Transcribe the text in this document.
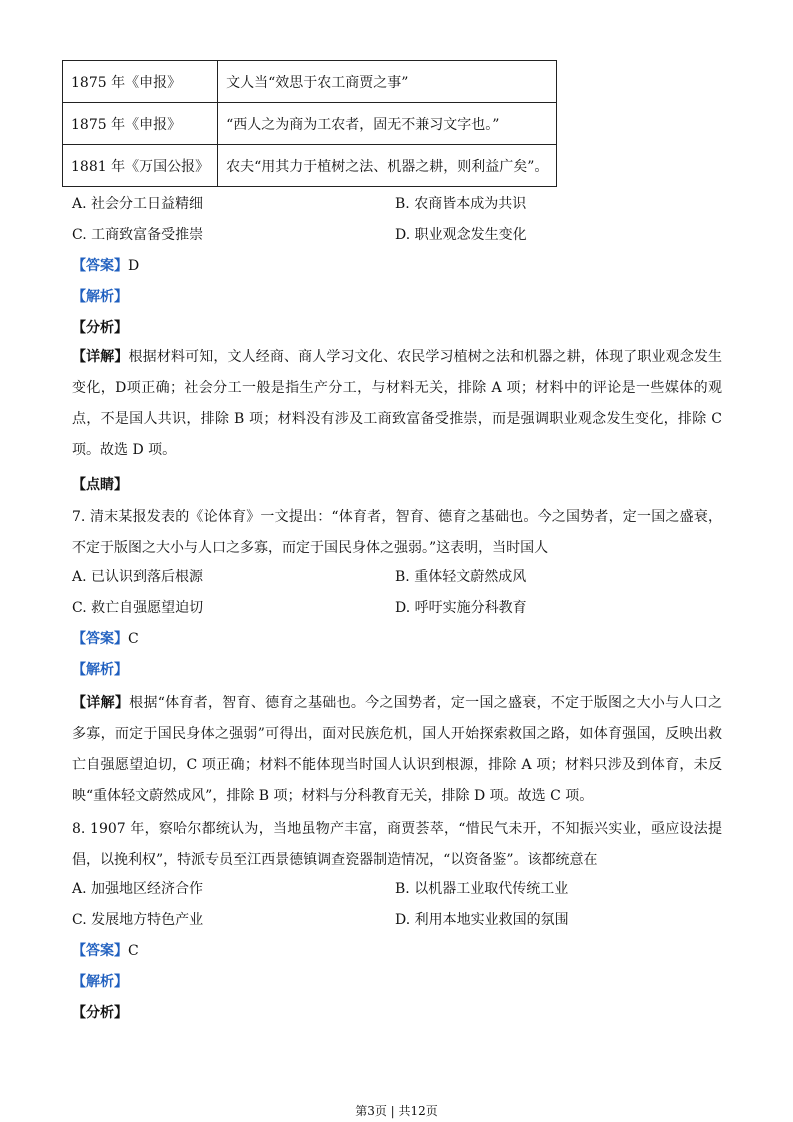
1875 年《申报》	文人当“效思于农工商贾之事”
1875 年《申报》	“西人之为商为工农者，固无不兼习文字也。”
1881 年《万国公报》	农夫“用其力于植树之法、机器之耕，则利益广矣”。
A. 社会分工日益精细	B. 农商皆本成为共识
C. 工商致富备受推崇	D. 职业观念发生变化
【答案】D
【解析】
【分析】
【详解】根据材料可知，文人经商、商人学习文化、农民学习植树之法和机器之耕，体现了职业观念发生变化，D项正确；社会分工一般是指生产分工，与材料无关，排除 A 项；材料中的评论是一些媒体的观点，不是国人共识，排除 B 项；材料没有涉及工商致富备受推崇，而是强调职业观念发生变化，排除 C 项。故选 D 项。
【点睛】
7. 清末某报发表的《论体育》一文提出：“体育者，智育、德育之基础也。今之国势者，定一国之盛衰，不定于版图之大小与人口之多寡，而定于国民身体之强弱。”这表明，当时国人
A. 已认识到落后根源	B. 重体轻文蔚然成风
C. 救亡自强愿望迫切	D. 呼吁实施分科教育
【答案】C
【解析】
【详解】根据“体育者，智育、德育之基础也。今之国势者，定一国之盛衰，不定于版图之大小与人口之多寡，而定于国民身体之强弱”可得出，面对民族危机，国人开始探索救国之路，如体育强国，反映出救亡自强愿望迫切，C 项正确；材料不能体现当时国人认识到根源，排除 A 项；材料只涉及到体育，未反映“重体轻文蔚然成风”，排除 B 项；材料与分科教育无关，排除 D 项。故选 C 项。
8. 1907 年，察哈尔都统认为，当地虽物产丰富，商贾荟萃，“惜民气未开，不知振兴实业，亟应设法提倡，以挽利权”，特派专员至江西景德镇调查瓷器制造情况，“以资备鉴”。该都统意在
A. 加强地区经济合作	B. 以机器工业取代传统工业
C. 发展地方特色产业	D. 利用本地实业救国的氛围
【答案】C
【解析】
【分析】
第3页 | 共12页
